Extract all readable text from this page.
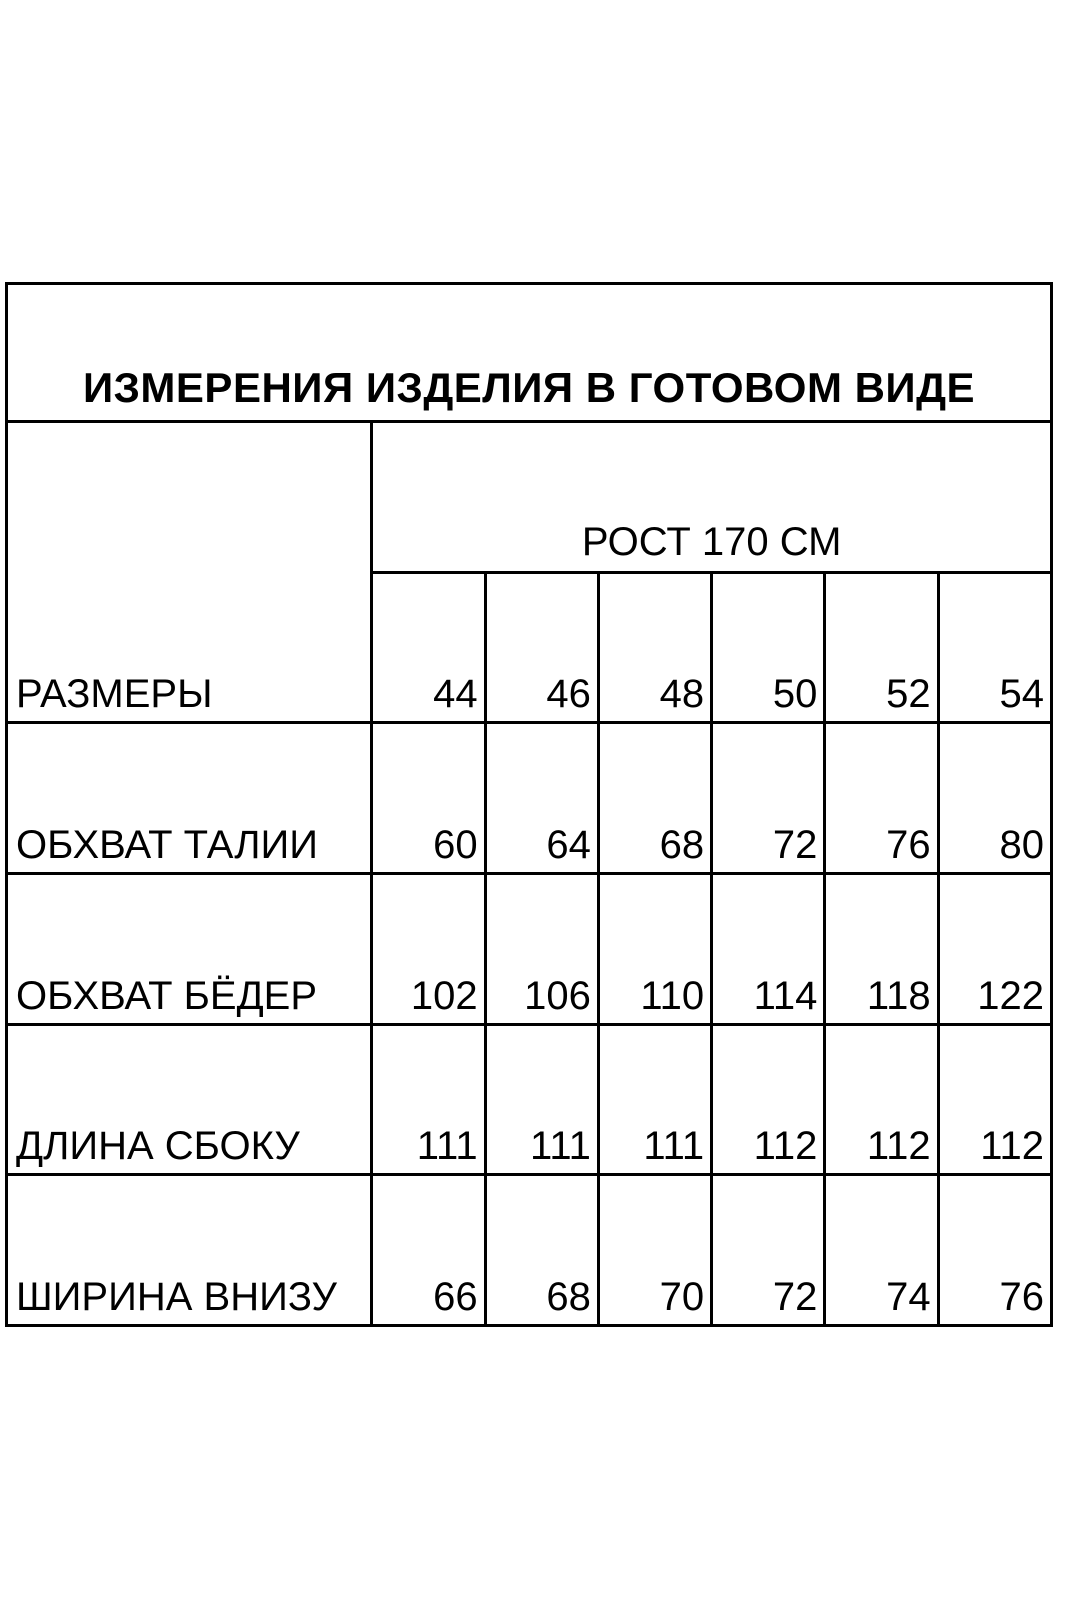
ИЗМЕРЕНИЯ ИЗДЕЛИЯ В ГОТОВОМ ВИДЕ						
	РОСТ 170 СМ					
РАЗМЕРЫ	44	46	48	50	52	54
ОБХВАТ ТАЛИИ	60	64	68	72	76	80
ОБХВАТ БЁДЕР	102	106	110	114	118	122
ДЛИНА СБОКУ	111	111	111	112	112	112
ШИРИНА ВНИЗУ	66	68	70	72	74	76
